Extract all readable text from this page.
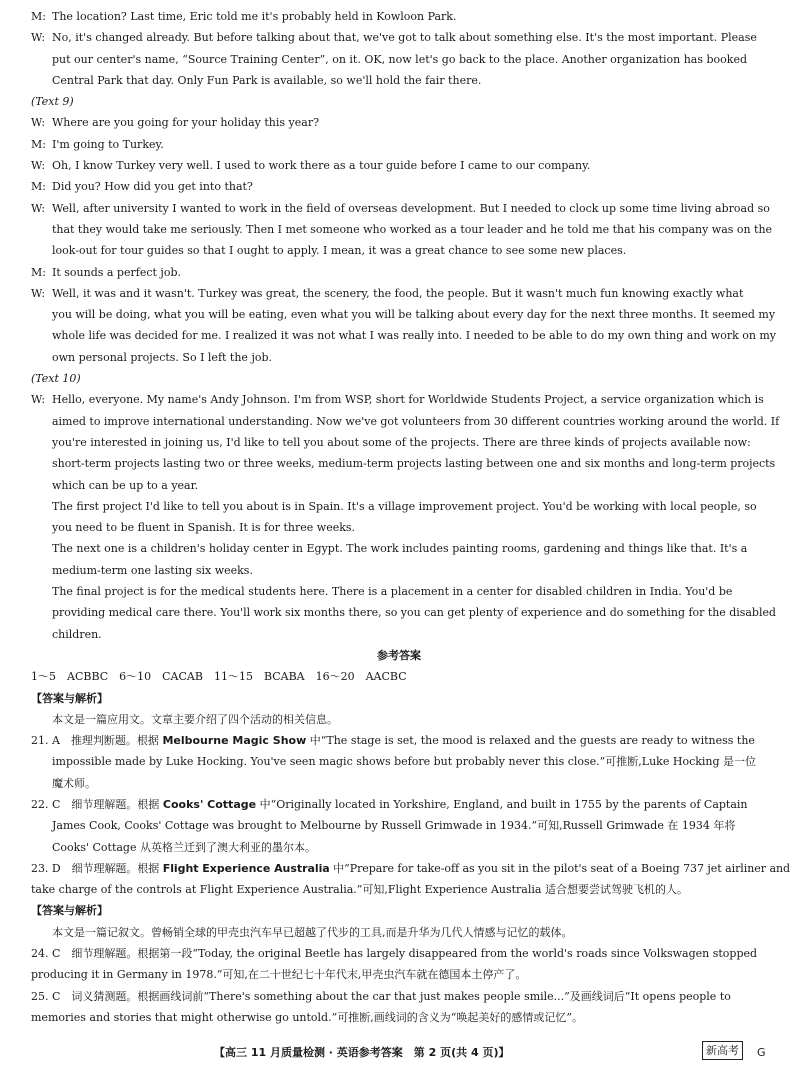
M: The location? Last time, Eric told me it's probably held in Kowloon Park.
W: No, it's changed already. But before talking about that, we've got to talk about something else. It's the most important. Please
put our center's name, “Source Training Center”, on it. OK, now let's go back to the place. Another organization has booked
Central Park that day. Only Fun Park is available, so we'll hold the fair there.
(Text 9)
W: Where are you going for your holiday this year?
M: I'm going to Turkey.
W: Oh, I know Turkey very well. I used to work there as a tour guide before I came to our company.
M: Did you? How did you get into that?
W: Well, after university I wanted to work in the field of overseas development. But I needed to clock up some time living abroad so
that they would take me seriously. Then I met someone who worked as a tour leader and he told me that his company was on the
look-out for tour guides so that I ought to apply. I mean, it was a great chance to see some new places.
M: It sounds a perfect job.
W: Well, it was and it wasn't. Turkey was great, the scenery, the food, the people. But it wasn't much fun knowing exactly what
you will be doing, what you will be eating, even what you will be talking about every day for the next three months. It seemed my
whole life was decided for me. I realized it was not what I was really into. I needed to be able to do my own thing and work on my
own personal projects. So I left the job.
(Text 10)
W: Hello, everyone. My name's Andy Johnson. I'm from WSP, short for Worldwide Students Project, a service organization which is
aimed to improve international understanding. Now we've got volunteers from 30 different countries working around the world. If
you're interested in joining us, I'd like to tell you about some of the projects. There are three kinds of projects available now:
short-term projects lasting two or three weeks, medium-term projects lasting between one and six months and long-term projects
which can be up to a year.
The first project I'd like to tell you about is in Spain. It's a village improvement project. You'd be working with local people, so
you need to be fluent in Spanish. It is for three weeks.
The next one is a children's holiday center in Egypt. The work includes painting rooms, gardening and things like that. It's a
medium-term one lasting six weeks.
The final project is for the medical students here. There is a placement in a center for disabled children in India. You'd be
providing medical care there. You'll work six months there, so you can get plenty of experience and do something for the disabled
children.
参考答案
1～5　ACBBC　6～10　CACAB　11～15　BCABA　16～20　AACBC
【答案与解析】
本文是一篇应用文。文章主要介绍了四个活动的相关信息。
21. A　推理判断题。根据 Melbourne Magic Show 中“The stage is set, the mood is relaxed and the guests are ready to witness the
impossible made by Luke Hocking. You've seen magic shows before but probably never this close.”可推断,Luke Hocking 是一位
魔术师。
22. C　细节理解题。根据 Cooks' Cottage 中“Originally located in Yorkshire, England, and built in 1755 by the parents of Captain
James Cook, Cooks' Cottage was brought to Melbourne by Russell Grimwade in 1934.”可知,Russell Grimwade 在 1934 年将
Cooks' Cottage 从英格兰迁到了澳大利亚的墨尔本。
23. D　细节理解题。根据 Flight Experience Australia 中“Prepare for take-off as you sit in the pilot's seat of a Boeing 737 jet airliner and
take charge of the controls at Flight Experience Australia.”可知,Flight Experience Australia 适合想要尝试驾驶飞机的人。
【答案与解析】
本文是一篇记叙文。曾畅销全球的甲壳虫汽车早已超越了代步的工具,而是升华为几代人情感与记忆的载体。
24. C　细节理解题。根据第一段“Today, the original Beetle has largely disappeared from the world's roads since Volkswagen stopped
producing it in Germany in 1978.”可知,在二十世纪七十年代末,甲壳虫汽车就在德国本土停产了。
25. C　词义猜测题。根据画线词前“There's something about the car that just makes people smile...”及画线词后“It opens people to
memories and stories that might otherwise go untold.”可推断,画线词的含义为“唤起美好的感情或记忆”。
【高三 11 月质量检测 · 英语参考答案　第 2 页(共 4 页)】	新高考	G
